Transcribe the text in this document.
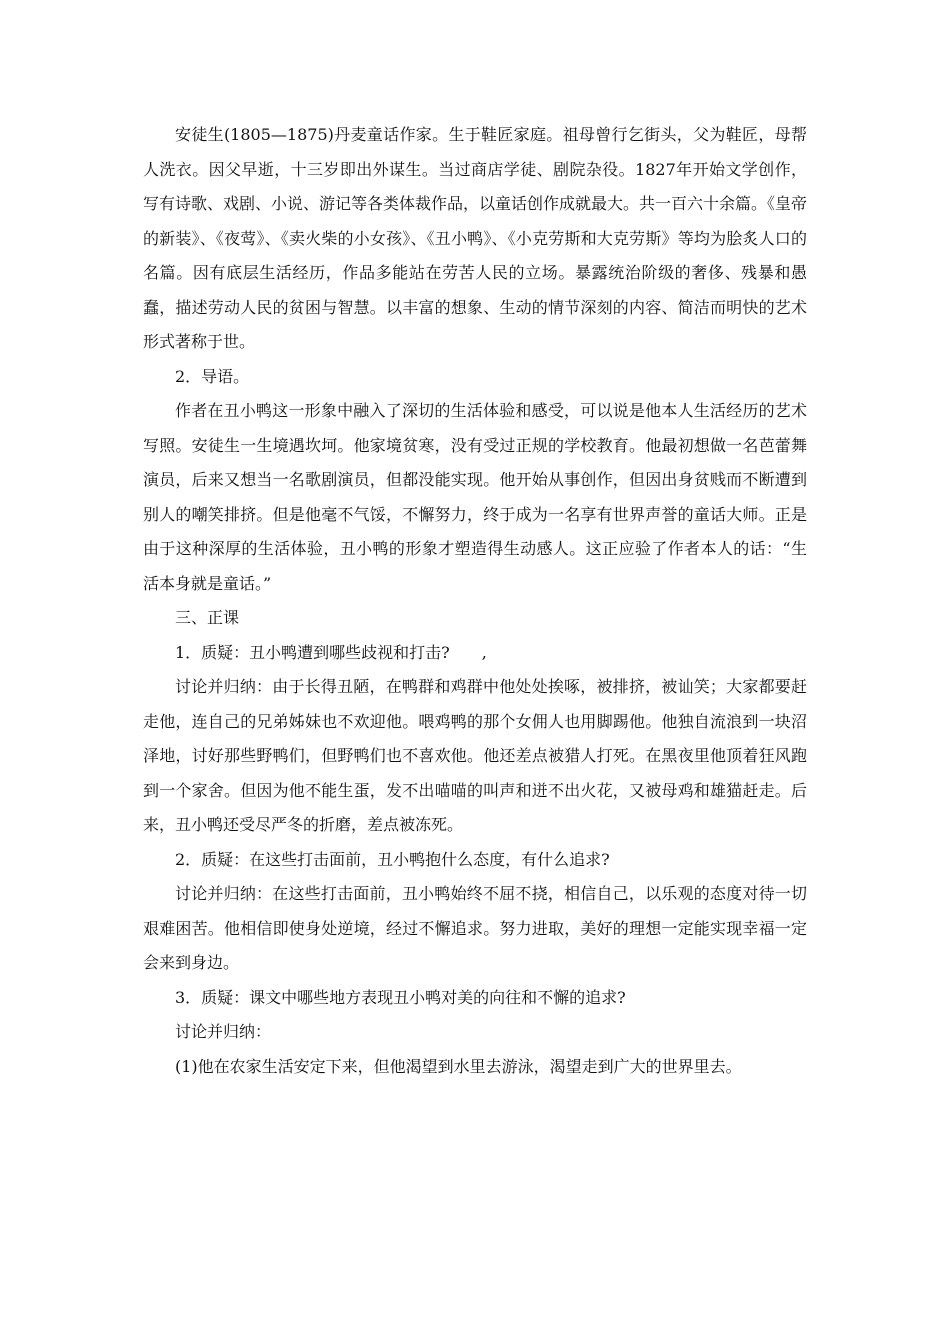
安徒生(1805—1875)丹麦童话作家。生于鞋匠家庭。祖母曾行乞街头，父为鞋匠，母帮人洗衣。因父早逝，十三岁即出外谋生。当过商店学徒、剧院杂役。1827年开始文学创作，写有诗歌、戏剧、小说、游记等各类体裁作品，以童话创作成就最大。共一百六十余篇。《皇帝的新装》、《夜莺》、《卖火柴的小女孩》、《丑小鸭》、《小克劳斯和大克劳斯》等均为脍炙人口的名篇。因有底层生活经历，作品多能站在劳苦人民的立场。暴露统治阶级的奢侈、残暴和愚蠢，描述劳动人民的贫困与智慧。以丰富的想象、生动的情节深刻的内容、简洁而明快的艺术形式著称于世。

2．导语。

作者在丑小鸭这一形象中融入了深切的生活体验和感受，可以说是他本人生活经历的艺术写照。安徒生一生境遇坎坷。他家境贫寒，没有受过正规的学校教育。他最初想做一名芭蕾舞演员，后来又想当一名歌剧演员，但都没能实现。他开始从事创作，但因出身贫贱而不断遭到别人的嘲笑排挤。但是他毫不气馁，不懈努力，终于成为一名享有世界声誉的童话大师。正是由于这种深厚的生活体验，丑小鸭的形象才塑造得生动感人。这正应验了作者本人的话：“生活本身就是童话。”

三、正课

1．质疑：丑小鸭遭到哪些歧视和打击?　　,

讨论并归纳：由于长得丑陋，在鸭群和鸡群中他处处挨啄，被排挤，被讪笑；大家都要赶走他，连自己的兄弟姊妹也不欢迎他。喂鸡鸭的那个女佣人也用脚踢他。他独自流浪到一块沼泽地，讨好那些野鸭们，但野鸭们也不喜欢他。他还差点被猎人打死。在黑夜里他顶着狂风跑到一个家舍。但因为他不能生蛋，发不出喵喵的叫声和迸不出火花，又被母鸡和雄猫赶走。后来，丑小鸭还受尽严冬的折磨，差点被冻死。

2．质疑：在这些打击面前，丑小鸭抱什么态度，有什么追求?

讨论并归纳：在这些打击面前，丑小鸭始终不屈不挠，相信自己，以乐观的态度对待一切艰难困苦。他相信即使身处逆境，经过不懈追求。努力进取，美好的理想一定能实现幸福一定会来到身边。

3．质疑：课文中哪些地方表现丑小鸭对美的向往和不懈的追求?

讨论并归纳：

(1)他在农家生活安定下来，但他渴望到水里去游泳，渴望走到广大的世界里去。
